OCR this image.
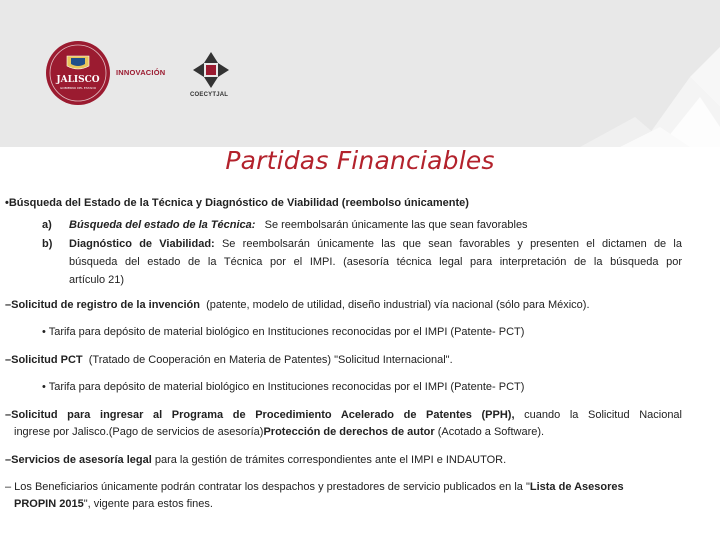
JALISCO
GOBIERNO DEL ESTADO
INNOVACIÓN
COECYTJAL
Partidas Financiables
•Búsqueda del Estado de la Técnica y Diagnóstico de Viabilidad (reembolso únicamente)
a) Búsqueda del estado de la Técnica: Se reembolsarán únicamente las que sean favorables
b) Diagnóstico de Viabilidad: Se reembolsarán únicamente las que sean favorables y presenten el dictamen de la
búsqueda del estado de la Técnica por el IMPI. (asesoría técnica legal para interpretación de la búsqueda por
artículo 21)
–Solicitud de registro de la invención (patente, modelo de utilidad, diseño industrial) vía nacional (sólo para México).
• Tarifa para depósito de material biológico en Instituciones reconocidas por el IMPI (Patente- PCT)
–Solicitud PCT (Tratado de Cooperación en Materia de Patentes) "Solicitud Internacional".
• Tarifa para depósito de material biológico en Instituciones reconocidas por el IMPI (Patente- PCT)
–Solicitud para ingresar al Programa de Procedimiento Acelerado de Patentes (PPH), cuando la Solicitud Nacional
ingrese por Jalisco.(Pago de servicios de asesoría)Protección de derechos de autor (Acotado a Software).
–Servicios de asesoría legal para la gestión de trámites correspondientes ante el IMPI e INDAUTOR.
– Los Beneficiarios únicamente podrán contratar los despachos y prestadores de servicio publicados en la "Lista de Asesores
PROPIN 2015", vigente para estos fines.
